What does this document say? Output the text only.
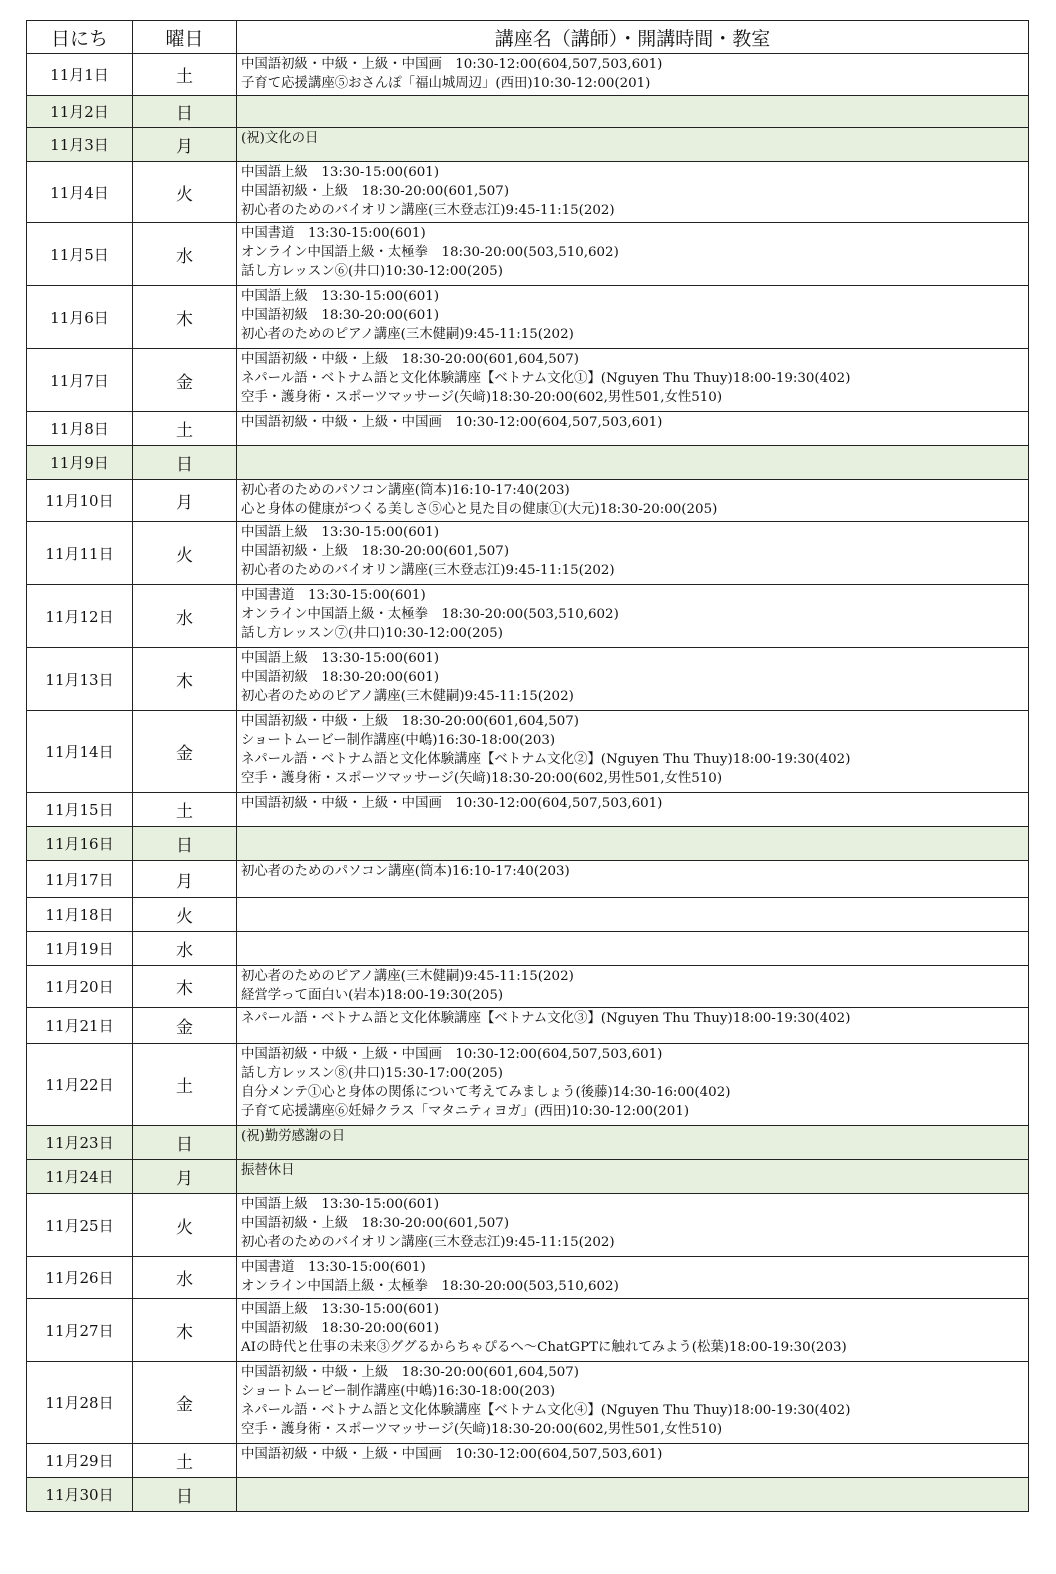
日にち	曜日	講座名（講師）・開講時間・教室
11月1日	土	中国語初級・中級・上級・中国画　10:30-12:00(604,507,503,601)
子育て応援講座⑤おさんぽ「福山城周辺」(西田)10:30-12:00(201)

11月2日	日	
11月3日	月	(祝)文化の日

11月4日	火	中国語上級　13:30-15:00(601)
中国語初級・上級　18:30-20:00(601,507)
初心者のためのバイオリン講座(三木登志江)9:45-11:15(202)

11月5日	水	中国書道　13:30-15:00(601)
オンライン中国語上級・太極拳　18:30-20:00(503,510,602)
話し方レッスン⑥(井口)10:30-12:00(205)

11月6日	木	中国語上級　13:30-15:00(601)
中国語初級　18:30-20:00(601)
初心者のためのピアノ講座(三木健嗣)9:45-11:15(202)

11月7日	金	中国語初級・中級・上級　18:30-20:00(601,604,507)
ネパール語・ベトナム語と文化体験講座【ベトナム文化①】(Nguyen Thu Thuy)18:00-19:30(402)
空手・護身術・スポーツマッサージ(矢﨑)18:30-20:00(602,男性501,女性510)

11月8日	土	中国語初級・中級・上級・中国画　10:30-12:00(604,507,503,601)

11月9日	日	
11月10日	月	初心者のためのパソコン講座(筒本)16:10-17:40(203)
心と身体の健康がつくる美しさ⑤心と見た目の健康①(大元)18:30-20:00(205)

11月11日	火	中国語上級　13:30-15:00(601)
中国語初級・上級　18:30-20:00(601,507)
初心者のためのバイオリン講座(三木登志江)9:45-11:15(202)

11月12日	水	中国書道　13:30-15:00(601)
オンライン中国語上級・太極拳　18:30-20:00(503,510,602)
話し方レッスン⑦(井口)10:30-12:00(205)

11月13日	木	中国語上級　13:30-15:00(601)
中国語初級　18:30-20:00(601)
初心者のためのピアノ講座(三木健嗣)9:45-11:15(202)

11月14日	金	中国語初級・中級・上級　18:30-20:00(601,604,507)
ショートムービー制作講座(中嶋)16:30-18:00(203)
ネパール語・ベトナム語と文化体験講座【ベトナム文化②】(Nguyen Thu Thuy)18:00-19:30(402)
空手・護身術・スポーツマッサージ(矢﨑)18:30-20:00(602,男性501,女性510)

11月15日	土	中国語初級・中級・上級・中国画　10:30-12:00(604,507,503,601)

11月16日	日	
11月17日	月	初心者のためのパソコン講座(筒本)16:10-17:40(203)

11月18日	火	
11月19日	水	
11月20日	木	初心者のためのピアノ講座(三木健嗣)9:45-11:15(202)
経営学って面白い(岩本)18:00-19:30(205)

11月21日	金	ネパール語・ベトナム語と文化体験講座【ベトナム文化③】(Nguyen Thu Thuy)18:00-19:30(402)

11月22日	土	中国語初級・中級・上級・中国画　10:30-12:00(604,507,503,601)
話し方レッスン⑧(井口)15:30-17:00(205)
自分メンテ①心と身体の関係について考えてみましょう(後藤)14:30-16:00(402)
子育て応援講座⑥妊婦クラス「マタニティヨガ」(西田)10:30-12:00(201)

11月23日	日	(祝)勤労感謝の日

11月24日	月	振替休日

11月25日	火	中国語上級　13:30-15:00(601)
中国語初級・上級　18:30-20:00(601,507)
初心者のためのバイオリン講座(三木登志江)9:45-11:15(202)

11月26日	水	中国書道　13:30-15:00(601)
オンライン中国語上級・太極拳　18:30-20:00(503,510,602)

11月27日	木	中国語上級　13:30-15:00(601)
中国語初級　18:30-20:00(601)
AIの時代と仕事の未来③ググるからちゃぴるへ～ChatGPTに触れてみよう(松葉)18:00-19:30(203)

11月28日	金	中国語初級・中級・上級　18:30-20:00(601,604,507)
ショートムービー制作講座(中嶋)16:30-18:00(203)
ネパール語・ベトナム語と文化体験講座【ベトナム文化④】(Nguyen Thu Thuy)18:00-19:30(402)
空手・護身術・スポーツマッサージ(矢﨑)18:30-20:00(602,男性501,女性510)

11月29日	土	中国語初級・中級・上級・中国画　10:30-12:00(604,507,503,601)

11月30日	日	
